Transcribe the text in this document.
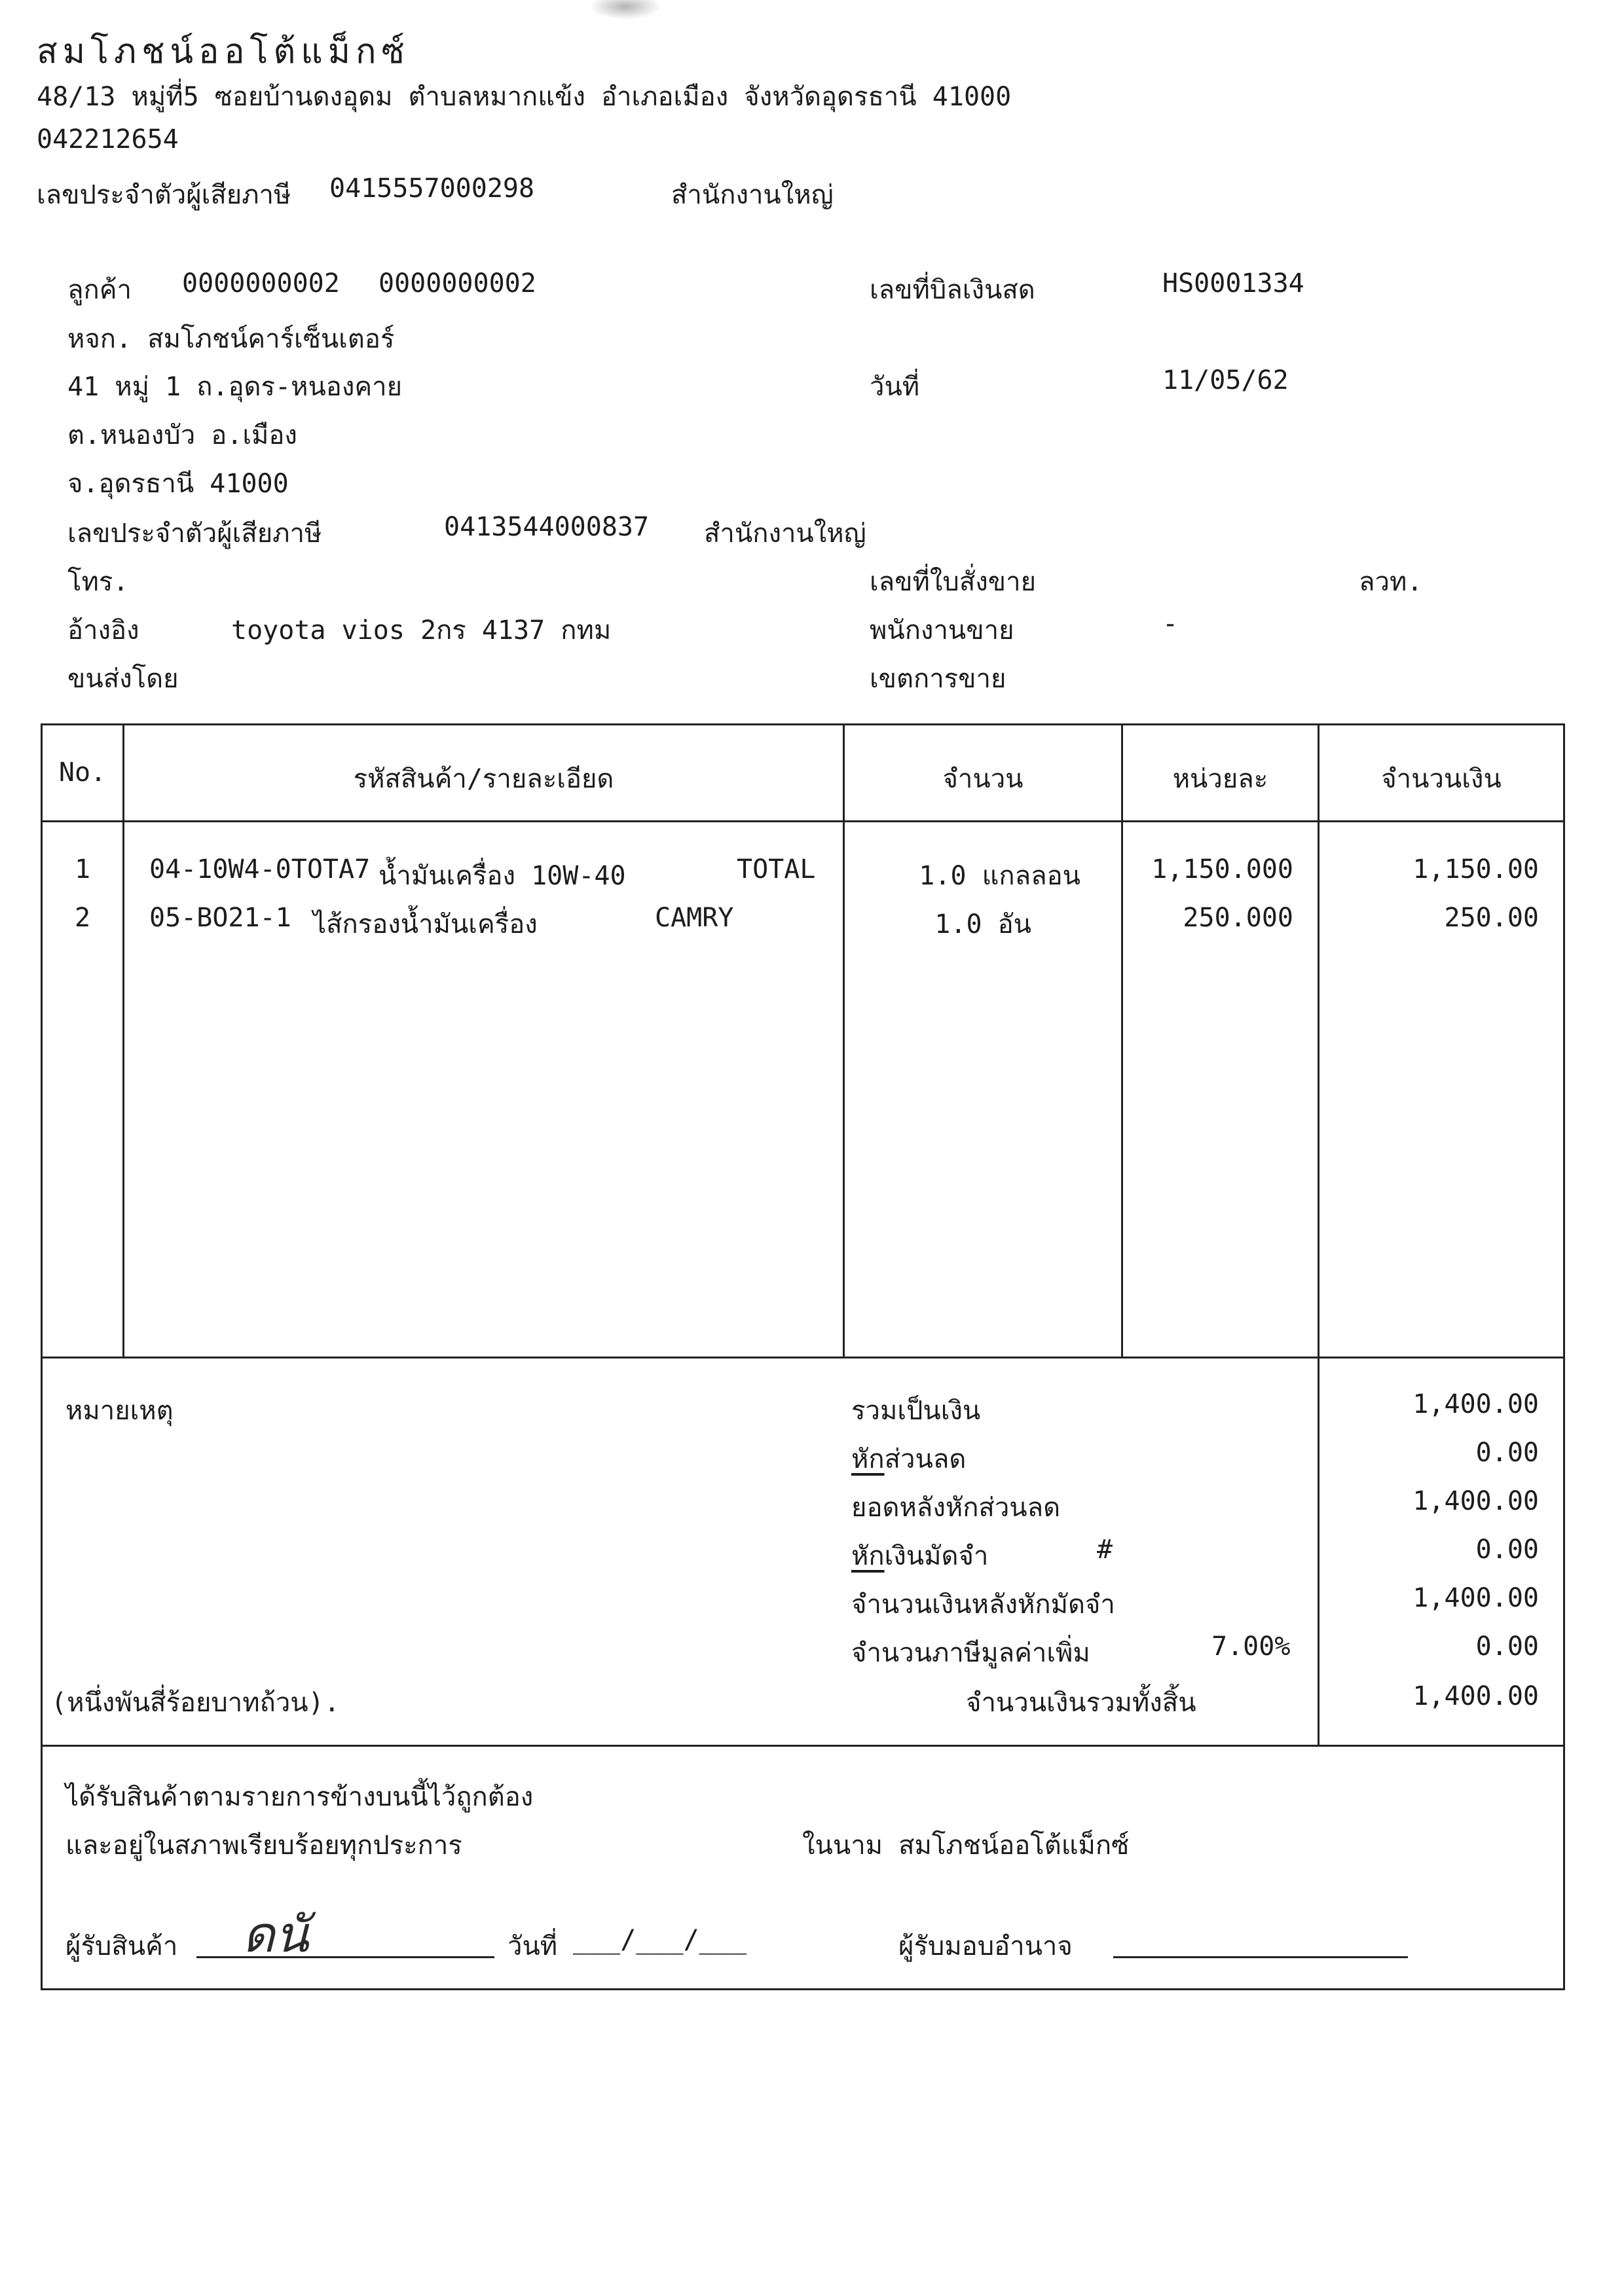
สมโภชน์ออโต้แม็กซ์
48/13 หมู่ที่5 ซอยบ้านดงอุดม ตำบลหมากแข้ง อำเภอเมือง จังหวัดอุดรธานี 41000
042212654
เลขประจำตัวผู้เสียภาษี 0415557000298	สำนักงานใหญ่
ลูกค้า 0000000002 0000000002
หจก. สมโภชน์คาร์เซ็นเตอร์
41 หมู่ 1 ถ.อุดร-หนองคาย
ต.หนองบัว อ.เมือง
จ.อุดรธานี 41000
เลขประจำตัวผู้เสียภาษี	0413544000837 สำนักงานใหญ่
โทร.
อ้างอิง	toyota vios 2กร 4137 กทม
ขนส่งโดย
เลขที่บิลเงินสด	HS0001334
วันที่	11/05/62
เลขที่ใบสั่งขาย	ลวท.
พนักงานขาย	-
เขตการขาย
No.	รหัสสินค้า/รายละเอียด	จำนวน	หน่วยละ	จำนวนเงิน
1	04-10W4-0TOTA7 น้ำมันเครื่อง 10W-40	TOTAL	1.0 แกลลอน	1,150.000	1,150.00
2	05-BO21-1 ไส้กรองน้ำมันเครื่อง	CAMRY	1.0 อัน	250.000	250.00
หมายเหตุ	รวมเป็นเงิน	1,400.00
หักส่วนลด	0.00
ยอดหลังหักส่วนลด	1,400.00
หักเงินมัดจำ	#	0.00
จำนวนเงินหลังหักมัดจำ	1,400.00
จำนวนภาษีมูลค่าเพิ่ม	7.00%	0.00
(หนึ่งพันสี่ร้อยบาทถ้วน).	จำนวนเงินรวมทั้งสิ้น	1,400.00
ได้รับสินค้าตามรายการข้างบนนี้ไว้ถูกต้อง
และอยู่ในสภาพเรียบร้อยทุกประการ	ในนาม สมโภชน์ออโต้แม็กซ์
ผู้รับสินค้า ดนั	วันที่ ___/___/___	ผู้รับมอบอำนาจ
